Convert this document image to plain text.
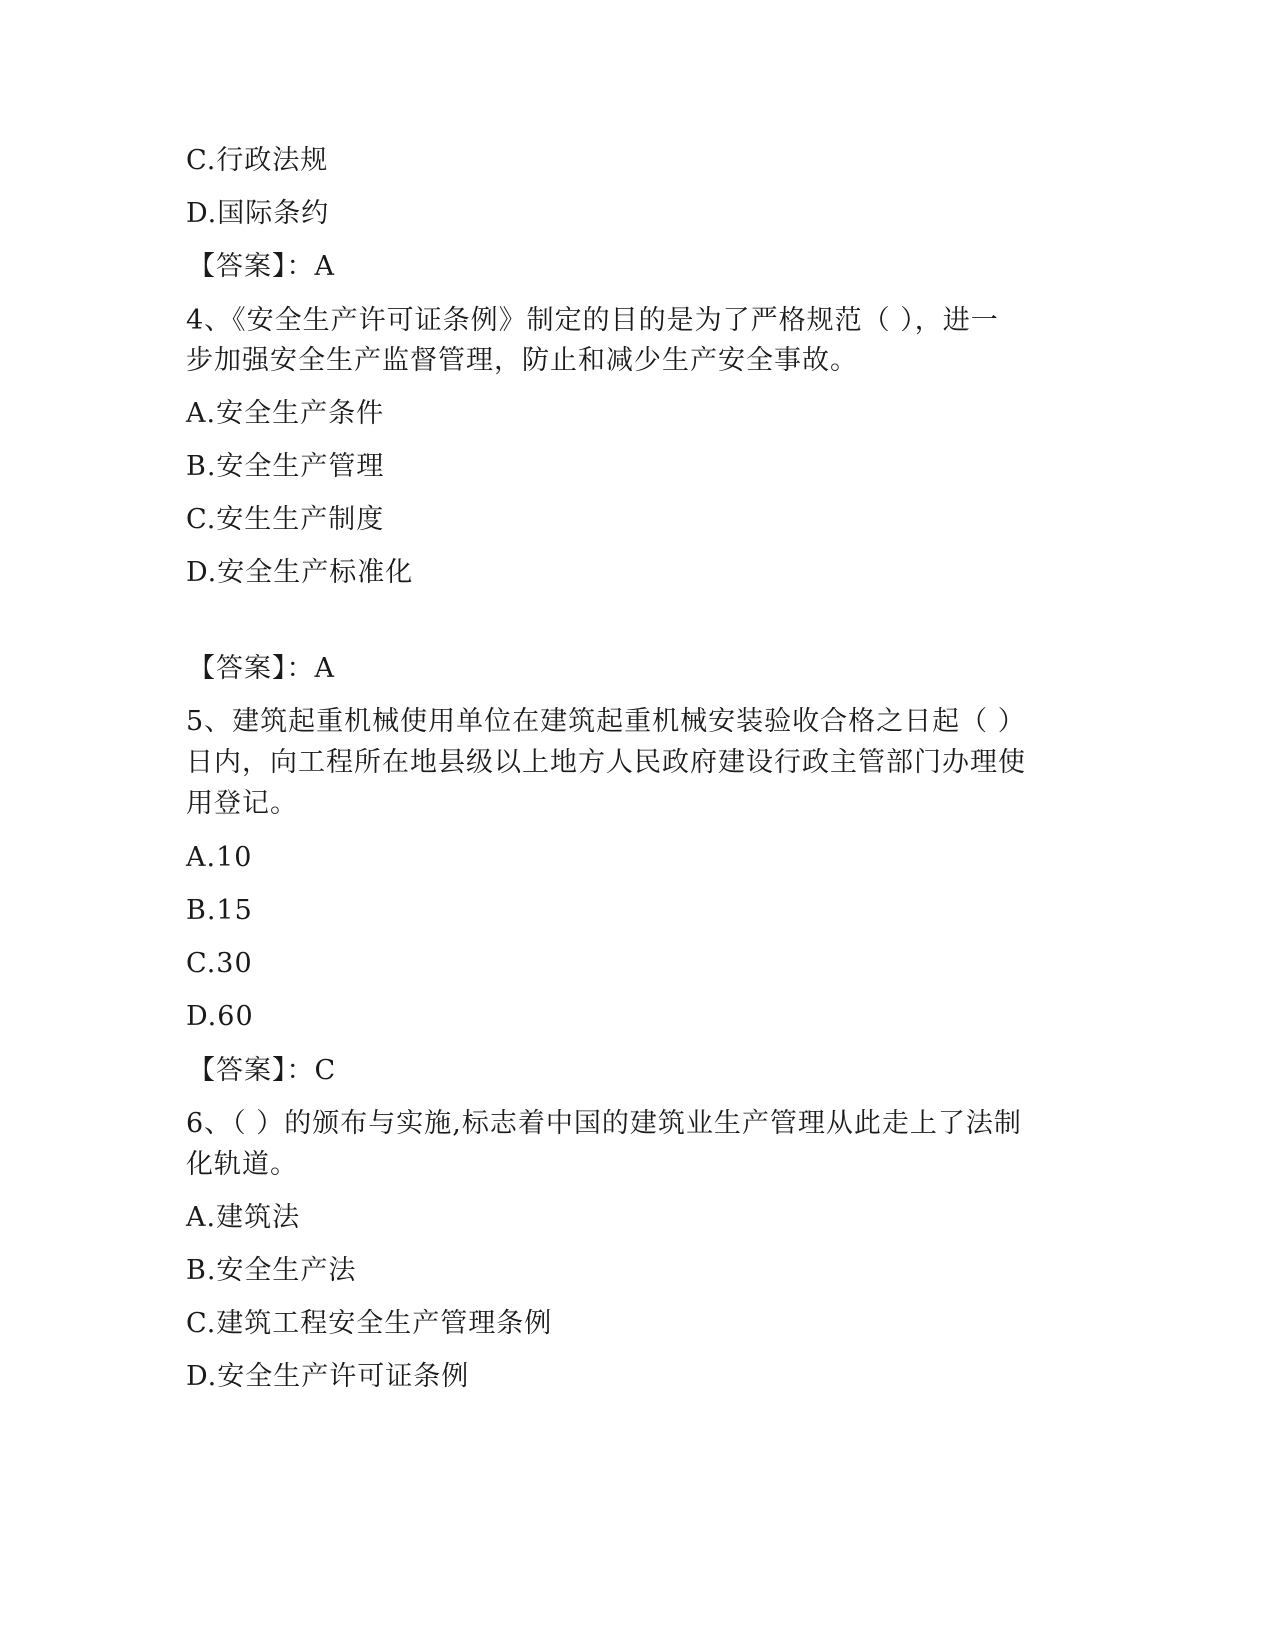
C.行政法规
D.国际条约
【答案】：A
4、《安全生产许可证条例》制定的目的是为了严格规范（ ），进一
步加强安全生产监督管理，防止和减少生产安全事故。
A.安全生产条件
B.安全生产管理
C.安生生产制度
D.安全生产标准化
【答案】：A
5、建筑起重机械使用单位在建筑起重机械安装验收合格之日起（ ）
日内，向工程所在地县级以上地方人民政府建设行政主管部门办理使
用登记。
A.10
B.15
C.30
D.60
【答案】：C
6、（ ）的颁布与实施,标志着中国的建筑业生产管理从此走上了法制
化轨道。
A.建筑法
B.安全生产法
C.建筑工程安全生产管理条例
D.安全生产许可证条例
